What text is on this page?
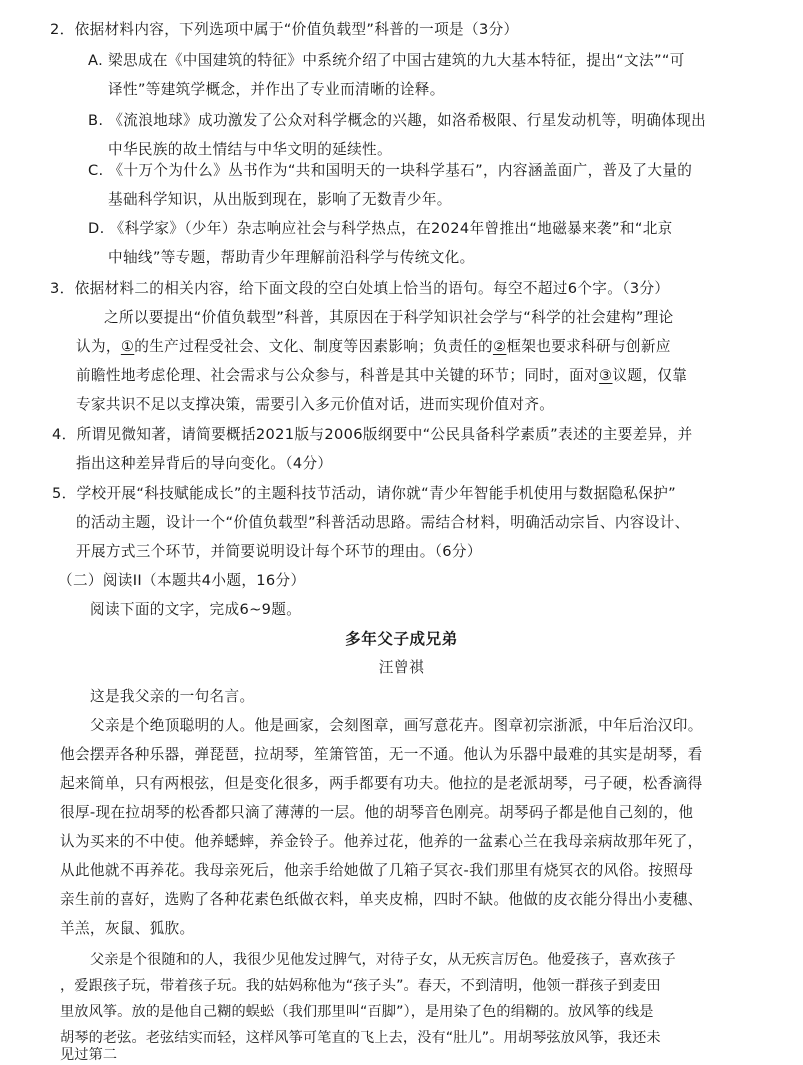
2．依据材料内容，下列选项中属于“价值负载型”科普的一项是（3分）
A. 梁思成在《中国建筑的特征》中系统介绍了中国古建筑的九大基本特征，提出“文法”“可
译性”等建筑学概念，并作出了专业而清晰的诠释。
B. 《流浪地球》成功激发了公众对科学概念的兴趣，如洛希极限、行星发动机等，明确体现出
中华民族的故土情结与中华文明的延续性。
C. 《十万个为什么》丛书作为“共和国明天的一块科学基石”，内容涵盖面广，普及了大量的
基础科学知识，从出版到现在，影响了无数青少年。
D. 《科学家》（少年）杂志响应社会与科学热点，在2024年曾推出“地磁暴来袭”和“北京
中轴线”等专题，帮助青少年理解前沿科学与传统文化。
3．依据材料二的相关内容，给下面文段的空白处填上恰当的语句。每空不超过6个字。（3分）
之所以要提出“价值负载型”科普，其原因在于科学知识社会学与“科学的社会建构”理论
认为，①的生产过程受社会、文化、制度等因素影响；负责任的②框架也要求科研与创新应
前瞻性地考虑伦理、社会需求与公众参与，科普是其中关键的环节；同时，面对③议题，仅靠
专家共识不足以支撑决策，需要引入多元价值对话，进而实现价值对齐。
4．所谓见微知著，请简要概括2021版与2006版纲要中“公民具备科学素质”表述的主要差异，并
指出这种差异背后的导向变化。（4分）
5．学校开展“科技赋能成长”的主题科技节活动，请你就“青少年智能手机使用与数据隐私保护”
的活动主题，设计一个“价值负载型”科普活动思路。需结合材料，明确活动宗旨、内容设计、
开展方式三个环节，并简要说明设计每个环节的理由。（6分）
（二）阅读II（本题共4小题，16分）
阅读下面的文字，完成6~9题。
多年父子成兄弟
汪曾祺
这是我父亲的一句名言。
父亲是个绝顶聪明的人。他是画家，会刻图章，画写意花卉。图章初宗浙派，中年后治汉印。
他会摆弄各种乐器，弹琵琶，拉胡琴，笙箫管笛，无一不通。他认为乐器中最难的其实是胡琴，看
起来简单，只有两根弦，但是变化很多，两手都要有功夫。他拉的是老派胡琴，弓子硬，松香滴得
很厚-现在拉胡琴的松香都只滴了薄薄的一层。他的胡琴音色刚亮。胡琴码子都是他自己刻的，他
认为买来的不中使。他养蟋蟀，养金铃子。他养过花，他养的一盆素心兰在我母亲病故那年死了，
从此他就不再养花。我母亲死后，他亲手给她做了几箱子冥衣-我们那里有烧冥衣的风俗。按照母
亲生前的喜好，选购了各种花素色纸做衣料，单夹皮棉，四时不缺。他做的皮衣能分得出小麦穗、
羊羔，灰鼠、狐肷。
父亲是个很随和的人，我很少见他发过脾气，对待子女，从无疾言厉色。他爱孩子，喜欢孩子
，爱跟孩子玩，带着孩子玩。我的姑妈称他为“孩子头”。春天，不到清明，他领一群孩子到麦田
里放风筝。放的是他自己糊的蜈蚣（我们那里叫“百脚”），是用染了色的绢糊的。放风筝的线是
胡琴的老弦。老弦结实而轻，这样风筝可笔直的飞上去，没有“肚儿”。用胡琴弦放风筝，我还未
见过第二
